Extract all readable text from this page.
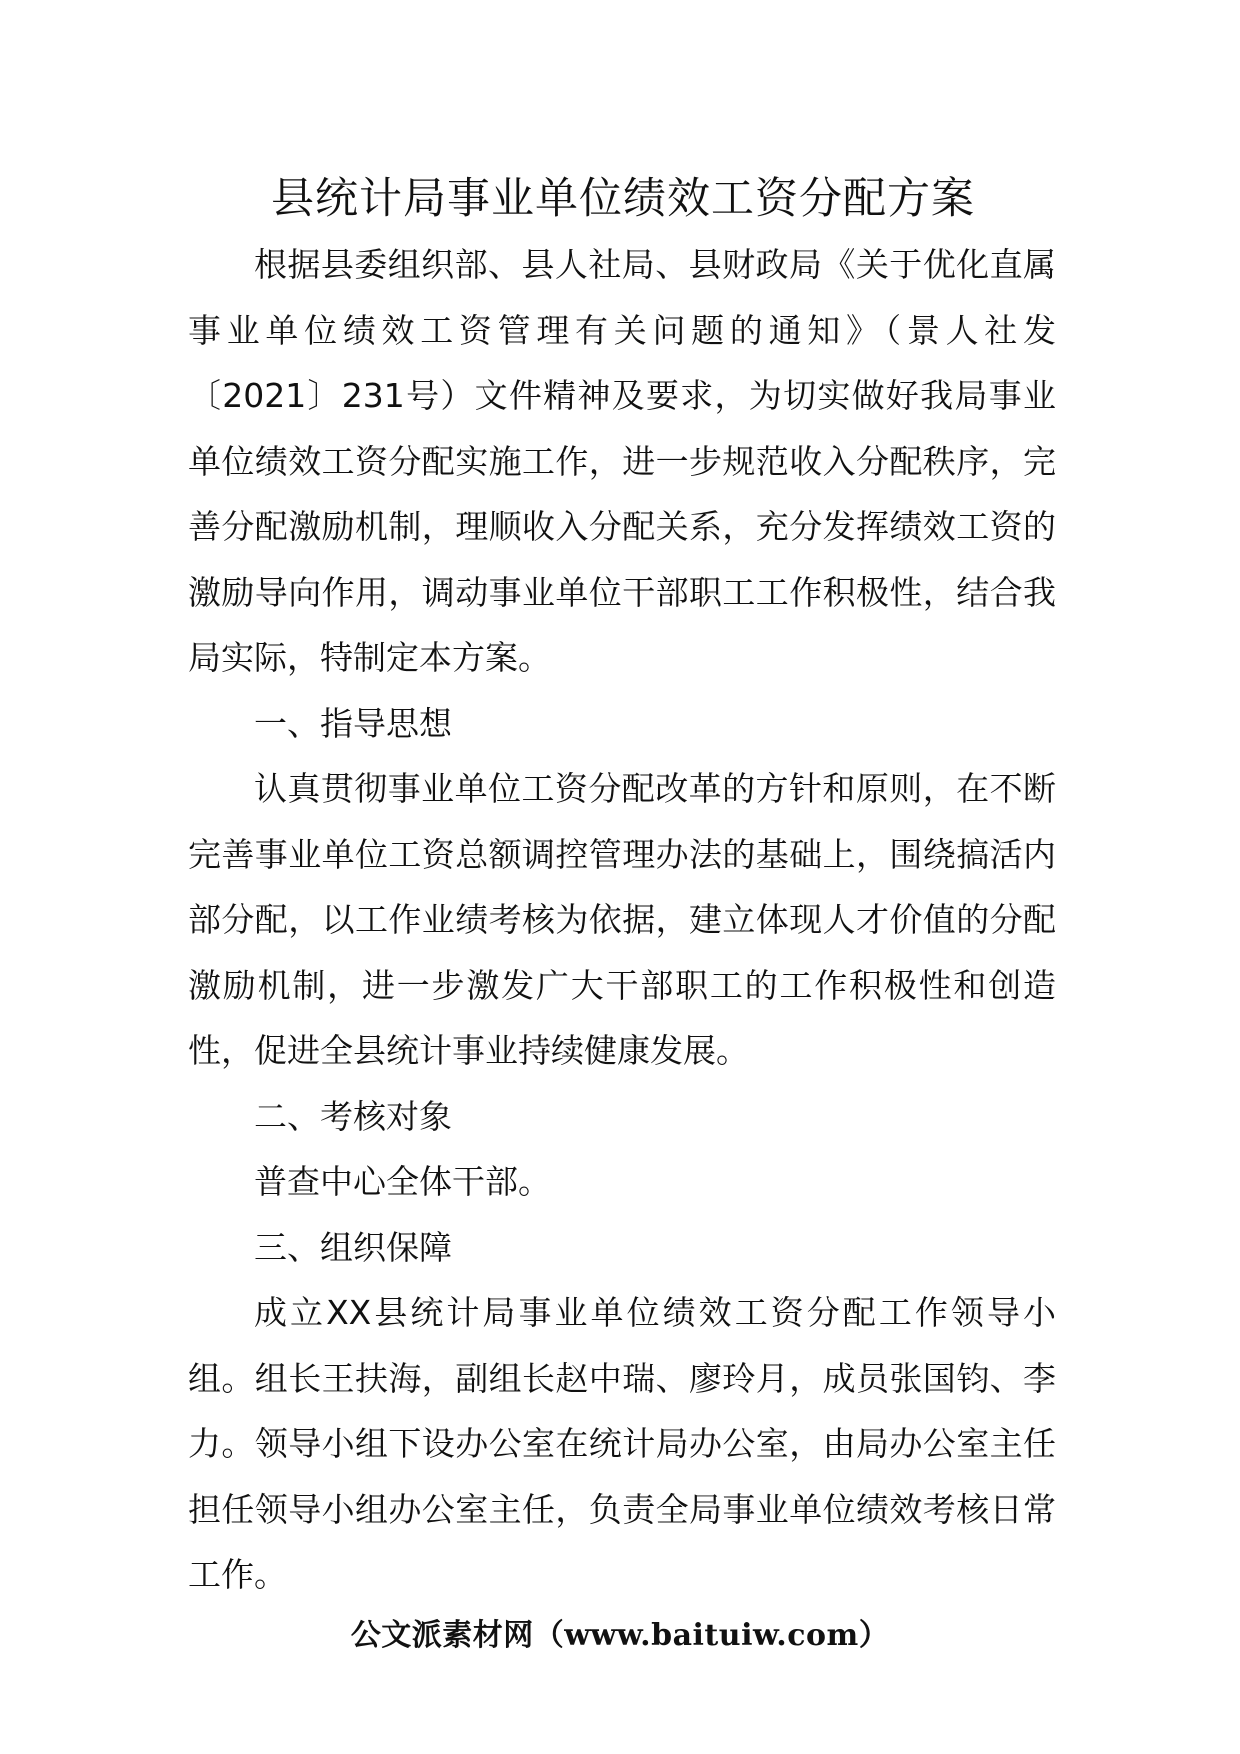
县统计局事业单位绩效工资分配方案

根据县委组织部、县人社局、县财政局《关于优化直属事业单位绩效工资管理有关问题的通知》（景人社发〔2021〕231号）文件精神及要求，为切实做好我局事业单位绩效工资分配实施工作，进一步规范收入分配秩序，完善分配激励机制，理顺收入分配关系，充分发挥绩效工资的激励导向作用，调动事业单位干部职工工作积极性，结合我局实际，特制定本方案。

一、指导思想

认真贯彻事业单位工资分配改革的方针和原则，在不断完善事业单位工资总额调控管理办法的基础上，围绕搞活内部分配，以工作业绩考核为依据，建立体现人才价值的分配激励机制，进一步激发广大干部职工的工作积极性和创造性，促进全县统计事业持续健康发展。

二、考核对象

普查中心全体干部。

三、组织保障

成立XX县统计局事业单位绩效工资分配工作领导小组。组长王扶海，副组长赵中瑞、廖玲月，成员张国钧、李力。领导小组下设办公室在统计局办公室，由局办公室主任担任领导小组办公室主任，负责全局事业单位绩效考核日常工作。

公文派素材网（www.baituiw.com）
